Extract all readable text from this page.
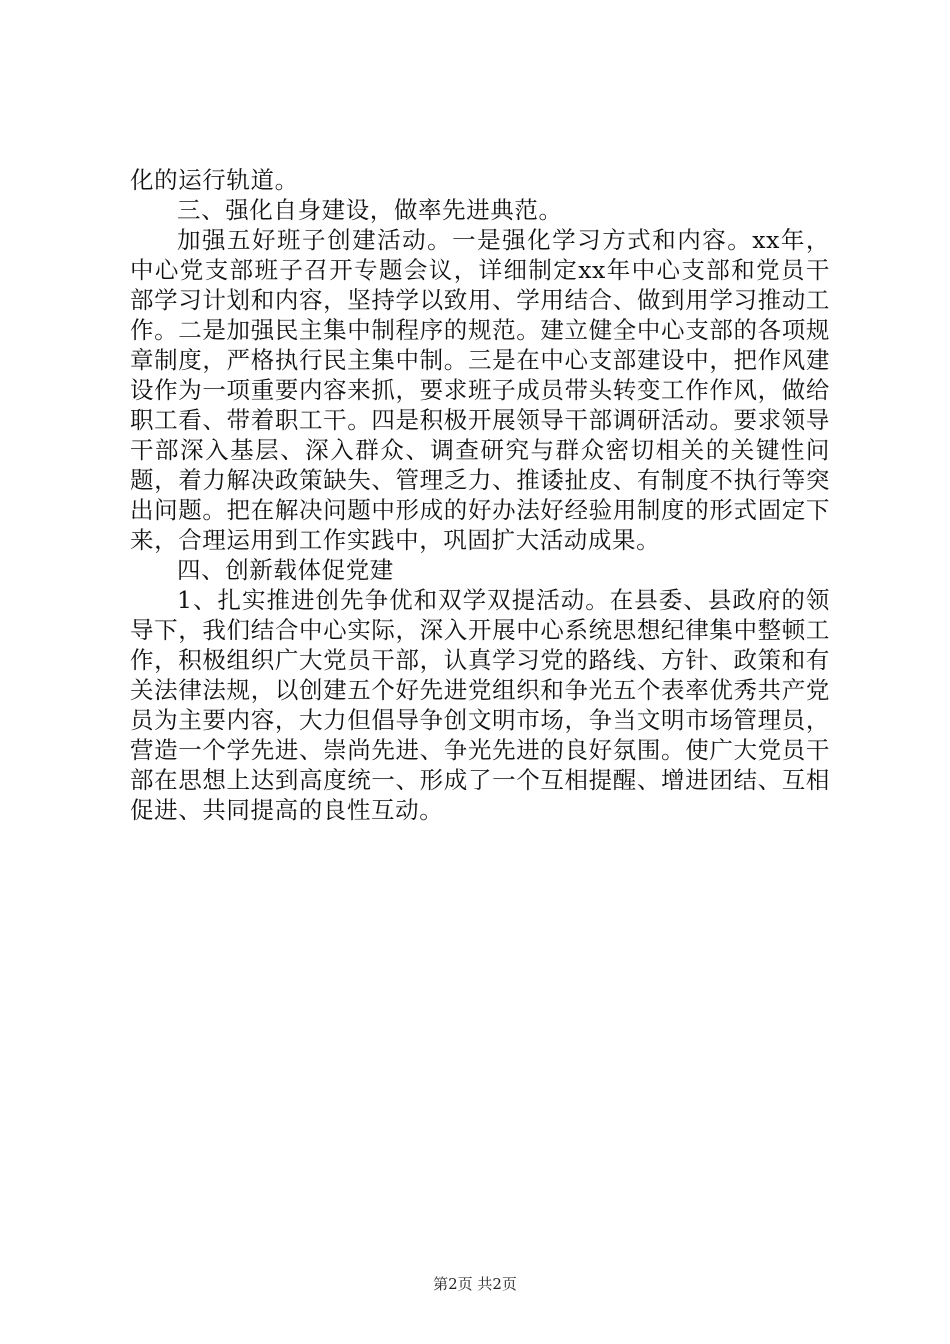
化的运行轨道。

三、强化自身建设，做率先进典范。

加强五好班子创建活动。一是强化学习方式和内容。xx年，中心党支部班子召开专题会议，详细制定xx年中心支部和党员干部学习计划和内容，坚持学以致用、学用结合、做到用学习推动工作。二是加强民主集中制程序的规范。建立健全中心支部的各项规章制度，严格执行民主集中制。三是在中心支部建设中，把作风建设作为一项重要内容来抓，要求班子成员带头转变工作作风，做给职工看、带着职工干。四是积极开展领导干部调研活动。要求领导干部深入基层、深入群众、调查研究与群众密切相关的关键性问题，着力解决政策缺失、管理乏力、推诿扯皮、有制度不执行等突出问题。把在解决问题中形成的好办法好经验用制度的形式固定下来，合理运用到工作实践中，巩固扩大活动成果。

四、创新载体促党建

1、扎实推进创先争优和双学双提活动。在县委、县政府的领导下，我们结合中心实际，深入开展中心系统思想纪律集中整顿工作，积极组织广大党员干部，认真学习党的路线、方针、政策和有关法律法规，以创建五个好先进党组织和争光五个表率优秀共产党员为主要内容，大力但倡导争创文明市场，争当文明市场管理员，营造一个学先进、崇尚先进、争光先进的良好氛围。使广大党员干部在思想上达到高度统一、形成了一个互相提醒、增进团结、互相促进、共同提高的良性互动。

第2页 共2页
